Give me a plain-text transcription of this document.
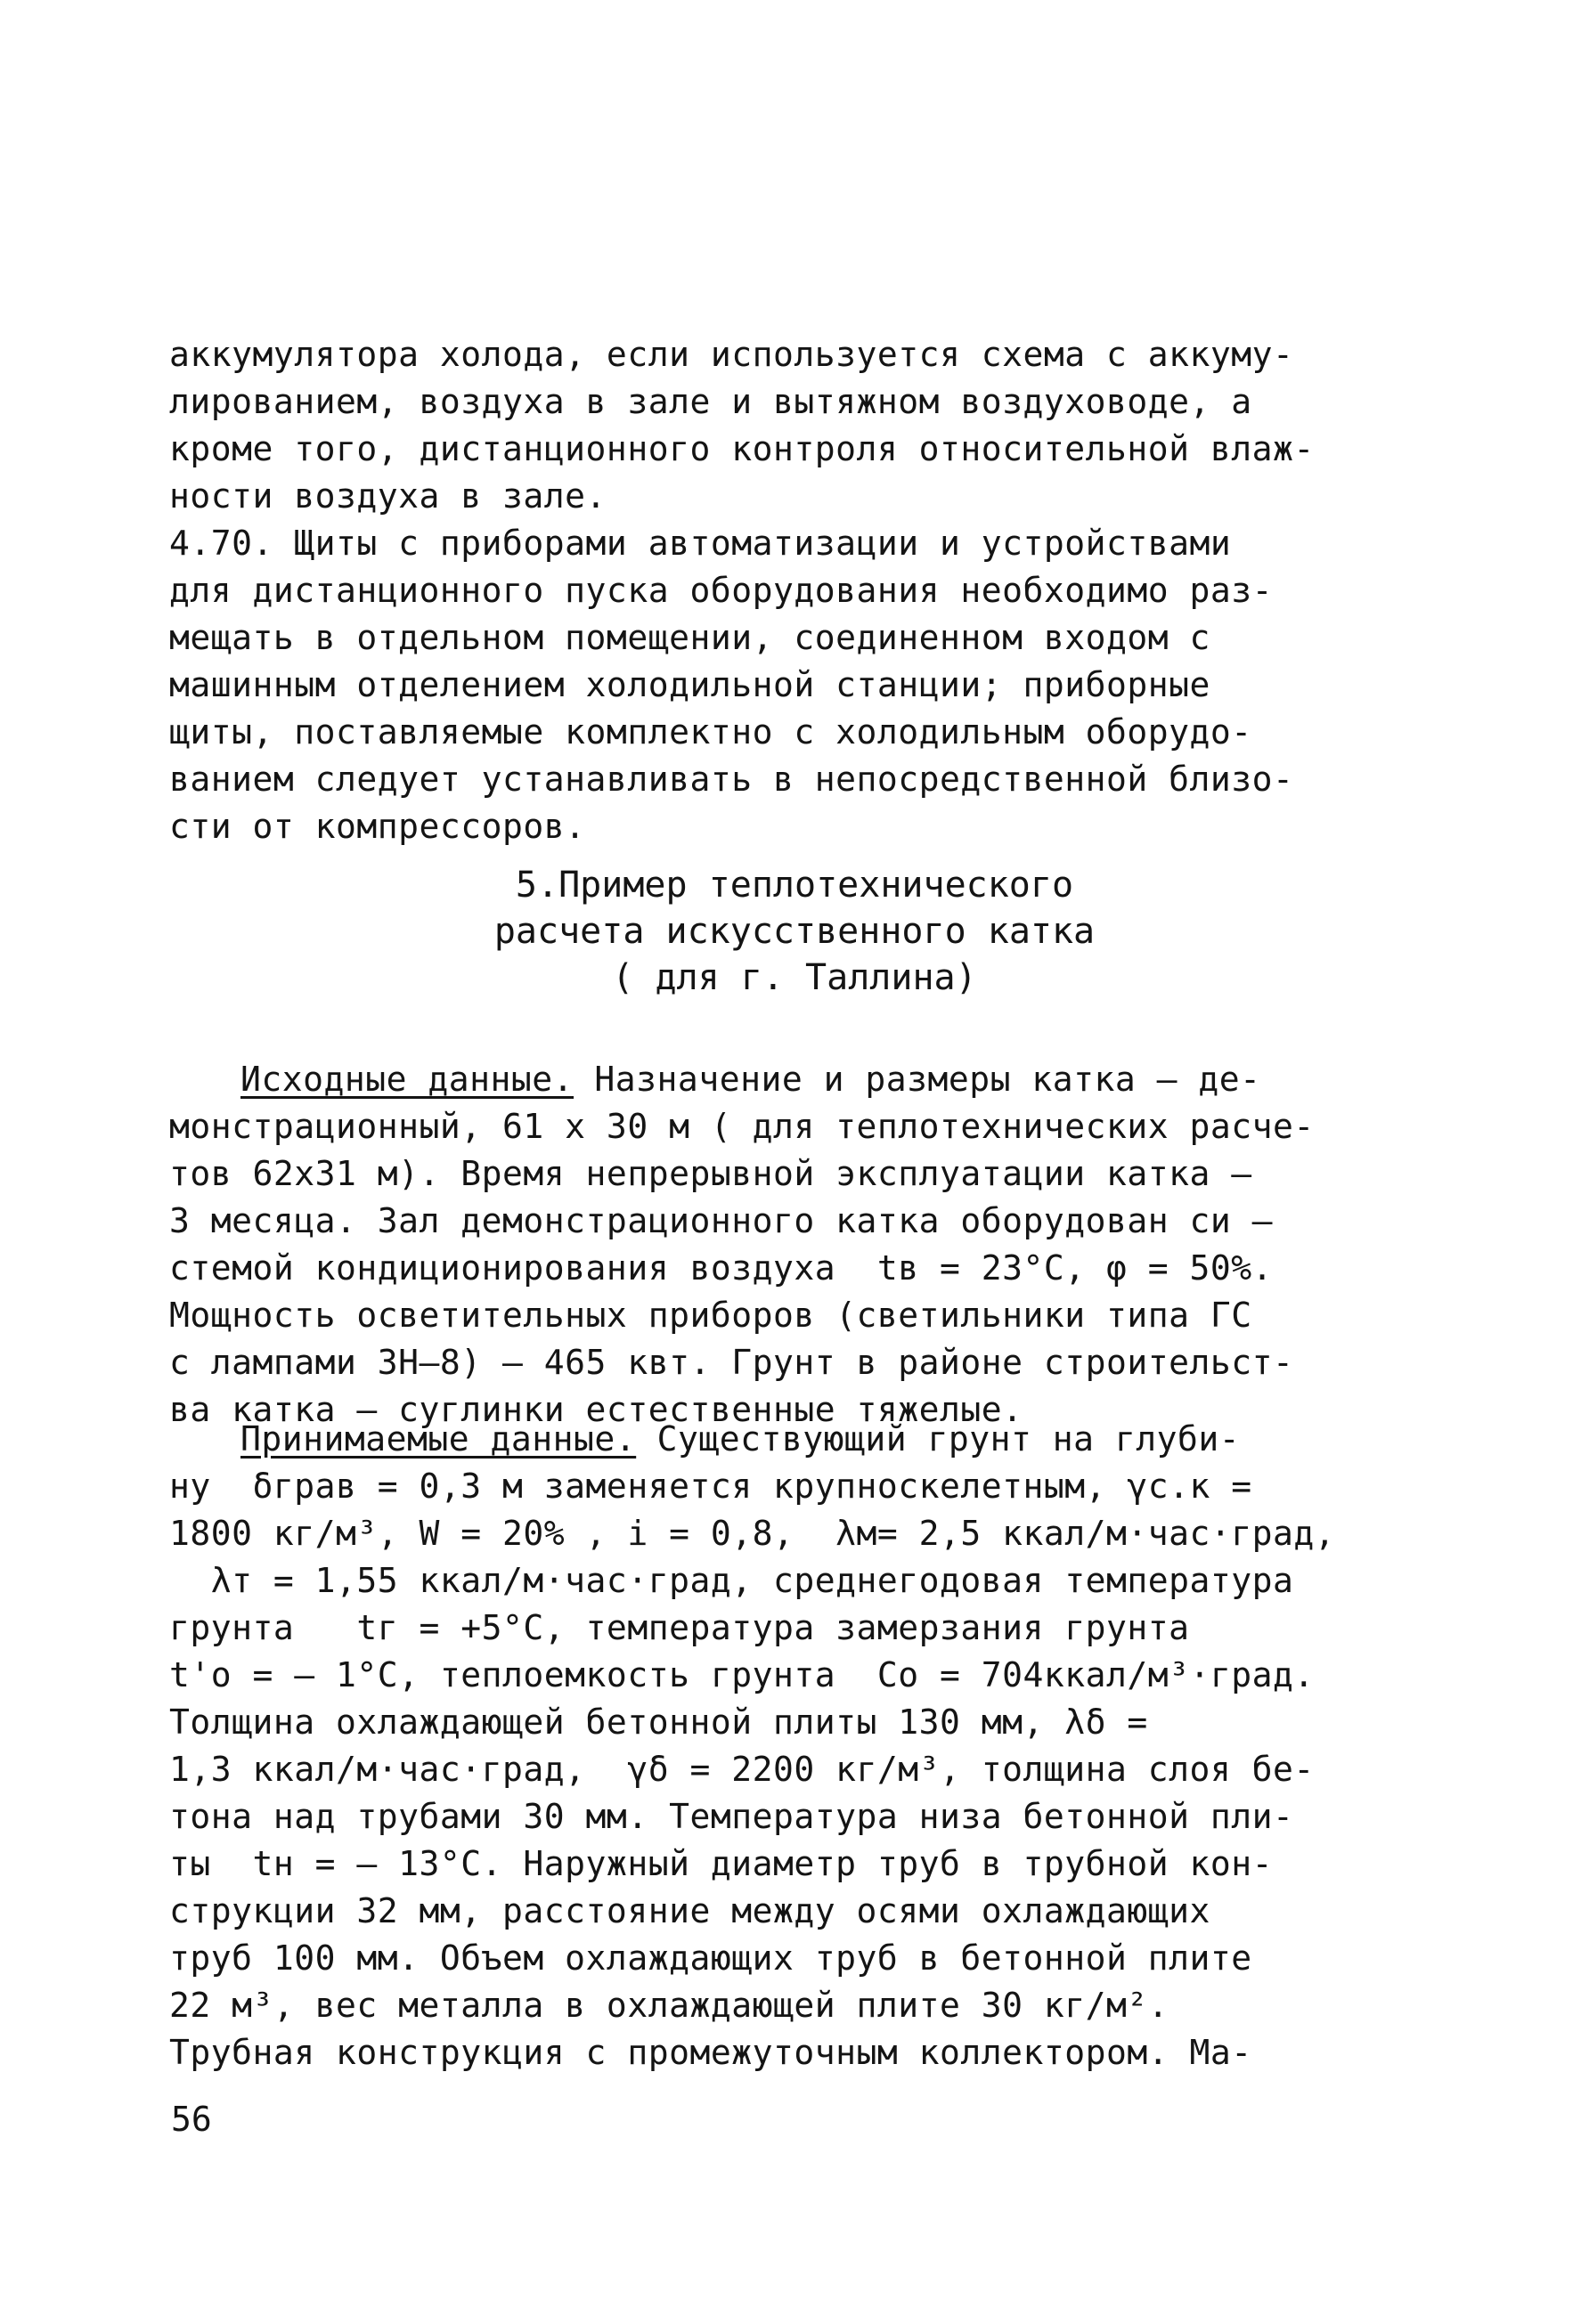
аккумулятора холода, если используется схема с аккуму-
лированием, воздуха в зале и вытяжном воздуховоде, а
кроме того, дистанционного контроля относительной влаж-
ности воздуха в зале.
4.70. Щиты с приборами автоматизации и устройствами
для дистанционного пуска оборудования необходимо раз-
мещать в отдельном помещении, соединенном входом с
машинным отделением холодильной станции; приборные
щиты, поставляемые комплектно с холодильным оборудо-
ванием следует устанавливать в непосредственной близо-
сти от компрессоров.
5.Пример теплотехнического
расчета искусственного катка
( для г. Таллина)
Исходные данные. Назначение и размеры катка – де-
монстрационный, 61 х 30 м ( для теплотехнических расче-
тов 62х31 м). Время непрерывной эксплуатации катка –
3 месяца. Зал демонстрационного катка оборудован си –
стемой кондиционирования воздуха  tв = 23°С, φ = 50%.
Мощность осветительных приборов (светильники типа ГС
с лампами ЗН–8) – 465 квт. Грунт в районе строительст-
ва катка – суглинки естественные тяжелые.
Принимаемые данные. Существующий грунт на глуби-
ну  δграв = 0,3 м заменяется крупноскелетным, γс.к =
1800 кг/м³, W = 20% , i = 0,8,  λм= 2,5 ккал/м·час·град,
λт = 1,55 ккал/м·час·град, среднегодовая температура
грунта   tг = +5°С, температура замерзания грунта
t'о = – 1°С, теплоемкость грунта  Cо = 704ккал/м³·град.
Толщина охлаждающей бетонной плиты 130 мм, λδ =
1,3 ккал/м·час·град,  γδ = 2200 кг/м³, толщина слоя бе-
тона над трубами 30 мм. Температура низа бетонной пли-
ты  tн = – 13°С. Наружный диаметр труб в трубной кон-
струкции 32 мм, расстояние между осями охлаждающих
труб 100 мм. Объем охлаждающих труб в бетонной плите
22 м³, вес металла в охлаждающей плите 30 кг/м².
Трубная конструкция с промежуточным коллектором. Ма-
56
